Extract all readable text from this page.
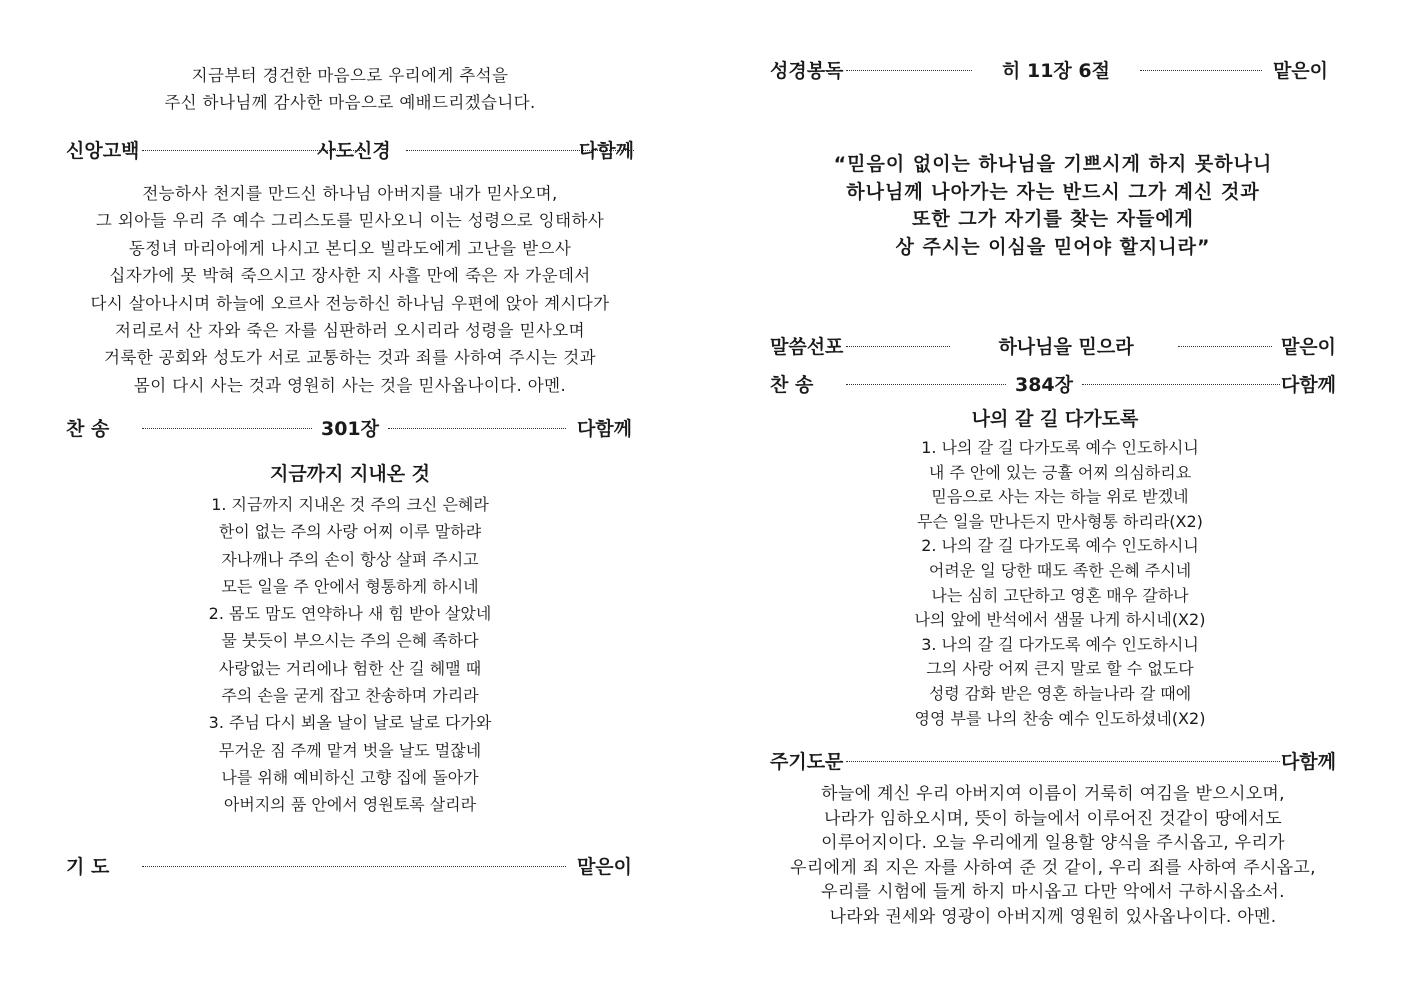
지금부터 경건한 마음으로 우리에게 추석을
주신 하나님께 감사한 마음으로 예배드리겠습니다.
신앙고백	사도신경	다함께
전능하사 천지를 만드신 하나님 아버지를 내가 믿사오며,
그 외아들 우리 주 예수 그리스도를 믿사오니 이는 성령으로 잉태하사
동정녀 마리아에게 나시고 본디오 빌라도에게 고난을 받으사
십자가에 못 박혀 죽으시고 장사한 지 사흘 만에 죽은 자 가운데서
다시 살아나시며 하늘에 오르사 전능하신 하나님 우편에 앉아 계시다가
저리로서 산 자와 죽은 자를 심판하러 오시리라 성령을 믿사오며
거룩한 공회와 성도가 서로 교통하는 것과 죄를 사하여 주시는 것과
몸이 다시 사는 것과 영원히 사는 것을 믿사옵나이다. 아멘.
찬 송	301장	다함께
지금까지 지내온 것
1. 지금까지 지내온 것 주의 크신 은혜라
한이 없는 주의 사랑 어찌 이루 말하랴
자나깨나 주의 손이 항상 살펴 주시고
모든 일을 주 안에서 형통하게 하시네
2. 몸도 맘도 연약하나 새 힘 받아 살았네
물 붓듯이 부으시는 주의 은혜 족하다
사랑없는 거리에나 험한 산 길 헤맬 때
주의 손을 굳게 잡고 찬송하며 가리라
3. 주님 다시 뵈올 날이 날로 날로 다가와
무거운 짐 주께 맡겨 벗을 날도 멀잖네
나를 위해 예비하신 고향 집에 돌아가
아버지의 품 안에서 영원토록 살리라
기 도	맡은이
성경봉독	히 11장 6절	맡은이
“믿음이 없이는 하나님을 기쁘시게 하지 못하나니
하나님께 나아가는 자는 반드시 그가 계신 것과
또한 그가 자기를 찾는 자들에게
상 주시는 이심을 믿어야 할지니라”
말씀선포	하나님을 믿으라	맡은이
찬 송	384장	다함께
나의 갈 길 다가도록
1. 나의 갈 길 다가도록 예수 인도하시니
내 주 안에 있는 긍휼 어찌 의심하리요
믿음으로 사는 자는 하늘 위로 받겠네
무슨 일을 만나든지 만사형통 하리라(X2)
2. 나의 갈 길 다가도록 예수 인도하시니
어려운 일 당한 때도 족한 은혜 주시네
나는 심히 고단하고 영혼 매우 갈하나
나의 앞에 반석에서 샘물 나게 하시네(X2)
3. 나의 갈 길 다가도록 예수 인도하시니
그의 사랑 어찌 큰지 말로 할 수 없도다
성령 감화 받은 영혼 하늘나라 갈 때에
영영 부를 나의 찬송 예수 인도하셨네(X2)
주기도문	다함께
하늘에 계신 우리 아버지여 이름이 거룩히 여김을 받으시오며,
나라가 임하오시며, 뜻이 하늘에서 이루어진 것같이 땅에서도
이루어지이다. 오늘 우리에게 일용할 양식을 주시옵고, 우리가
우리에게 죄 지은 자를 사하여 준 것 같이, 우리 죄를 사하여 주시옵고,
우리를 시험에 들게 하지 마시옵고 다만 악에서 구하시옵소서.
나라와 권세와 영광이 아버지께 영원히 있사옵나이다. 아멘.
